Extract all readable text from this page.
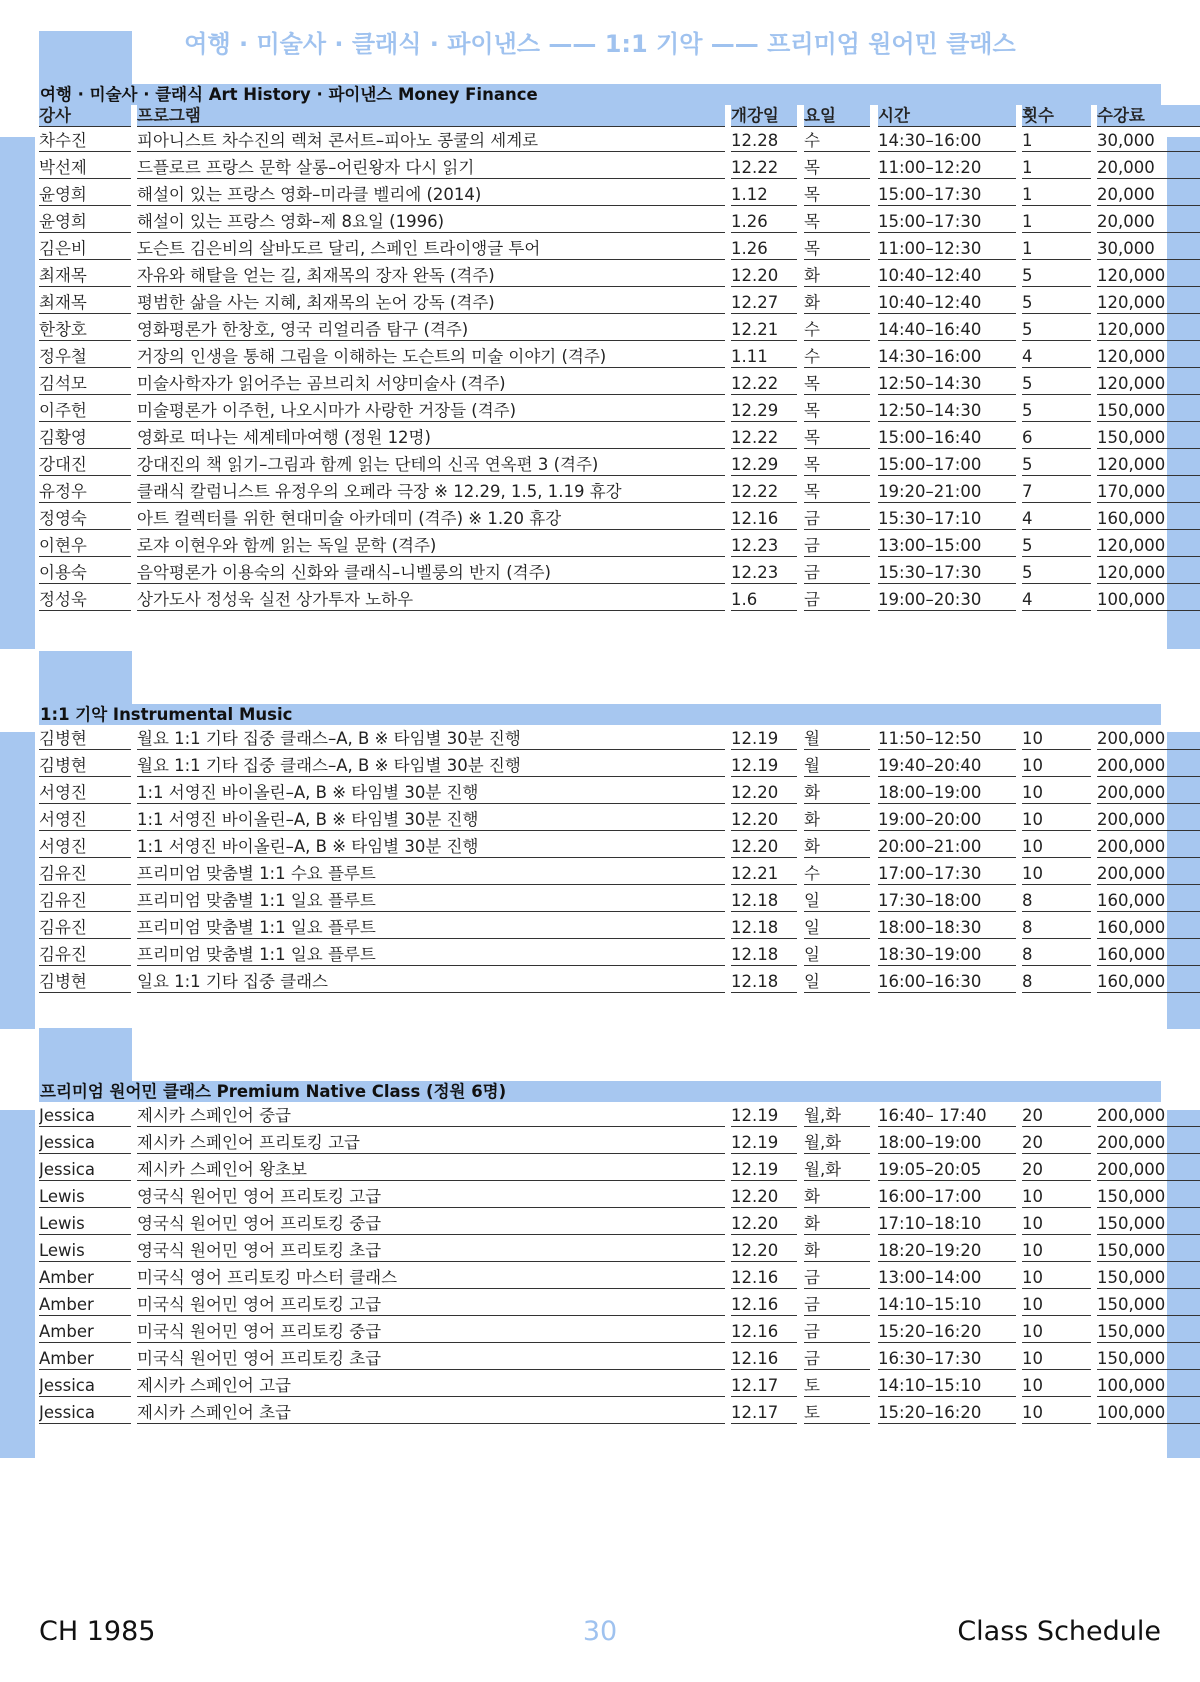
여행 · 미술사 · 클래식 · 파이낸스 —— 1:1 기악 —— 프리미엄 원어민 클래스
여행 · 미술사 · 클래식 Art History · 파이낸스 Money Finance
강사	프로그램	개강일	요일	시간	횟수	수강료
차수진	피아니스트 차수진의 렉쳐 콘서트–피아노 콩쿨의 세계로	12.28	수	14:30–16:00	1	30,000
박선제	드플로르 프랑스 문학 살롱–어린왕자 다시 읽기	12.22	목	11:00–12:20	1	20,000
윤영희	해설이 있는 프랑스 영화–미라클 벨리에 (2014)	1.12	목	15:00–17:30	1	20,000
윤영희	해설이 있는 프랑스 영화–제 8요일 (1996)	1.26	목	15:00–17:30	1	20,000
김은비	도슨트 김은비의 살바도르 달리, 스페인 트라이앵글 투어	1.26	목	11:00–12:30	1	30,000
최재목	자유와 해탈을 얻는 길, 최재목의 장자 완독 (격주)	12.20	화	10:40–12:40	5	120,000
최재목	평범한 삶을 사는 지혜, 최재목의 논어 강독 (격주)	12.27	화	10:40–12:40	5	120,000
한창호	영화평론가 한창호, 영국 리얼리즘 탐구 (격주)	12.21	수	14:40–16:40	5	120,000
정우철	거장의 인생을 통해 그림을 이해하는 도슨트의 미술 이야기 (격주)	1.11	수	14:30–16:00	4	120,000
김석모	미술사학자가 읽어주는 곰브리치 서양미술사 (격주)	12.22	목	12:50–14:30	5	120,000
이주헌	미술평론가 이주헌, 나오시마가 사랑한 거장들 (격주)	12.29	목	12:50–14:30	5	150,000
김황영	영화로 떠나는 세계테마여행 (정원 12명)	12.22	목	15:00–16:40	6	150,000
강대진	강대진의 책 읽기–그림과 함께 읽는 단테의 신곡 연옥편 3 (격주)	12.29	목	15:00–17:00	5	120,000
유정우	클래식 칼럼니스트 유정우의 오페라 극장 ※ 12.29, 1.5, 1.19 휴강	12.22	목	19:20–21:00	7	170,000
정영숙	아트 컬렉터를 위한 현대미술 아카데미 (격주) ※ 1.20 휴강	12.16	금	15:30–17:10	4	160,000
이현우	로쟈 이현우와 함께 읽는 독일 문학 (격주)	12.23	금	13:00–15:00	5	120,000
이용숙	음악평론가 이용숙의 신화와 클래식–니벨룽의 반지 (격주)	12.23	금	15:30–17:30	5	120,000
정성욱	상가도사 정성욱 실전 상가투자 노하우	1.6	금	19:00–20:30	4	100,000
1:1 기악 Instrumental Music
김병현	월요 1:1 기타 집중 클래스–A, B ※ 타임별 30분 진행	12.19	월	11:50–12:50	10	200,000
김병현	월요 1:1 기타 집중 클래스–A, B ※ 타임별 30분 진행	12.19	월	19:40–20:40	10	200,000
서영진	1:1 서영진 바이올린–A, B ※ 타임별 30분 진행	12.20	화	18:00–19:00	10	200,000
서영진	1:1 서영진 바이올린–A, B ※ 타임별 30분 진행	12.20	화	19:00–20:00	10	200,000
서영진	1:1 서영진 바이올린–A, B ※ 타임별 30분 진행	12.20	화	20:00–21:00	10	200,000
김유진	프리미엄 맞춤별 1:1 수요 플루트	12.21	수	17:00–17:30	10	200,000
김유진	프리미엄 맞춤별 1:1 일요 플루트	12.18	일	17:30–18:00	8	160,000
김유진	프리미엄 맞춤별 1:1 일요 플루트	12.18	일	18:00–18:30	8	160,000
김유진	프리미엄 맞춤별 1:1 일요 플루트	12.18	일	18:30–19:00	8	160,000
김병현	일요 1:1 기타 집중 클래스	12.18	일	16:00–16:30	8	160,000
프리미엄 원어민 클래스 Premium Native Class (정원 6명)
Jessica	제시카 스페인어 중급	12.19	월,화	16:40– 17:40	20	200,000
Jessica	제시카 스페인어 프리토킹 고급	12.19	월,화	18:00–19:00	20	200,000
Jessica	제시카 스페인어 왕초보	12.19	월,화	19:05–20:05	20	200,000
Lewis	영국식 원어민 영어 프리토킹 고급	12.20	화	16:00–17:00	10	150,000
Lewis	영국식 원어민 영어 프리토킹 중급	12.20	화	17:10–18:10	10	150,000
Lewis	영국식 원어민 영어 프리토킹 초급	12.20	화	18:20–19:20	10	150,000
Amber	미국식 영어 프리토킹 마스터 클래스	12.16	금	13:00–14:00	10	150,000
Amber	미국식 원어민 영어 프리토킹 고급	12.16	금	14:10–15:10	10	150,000
Amber	미국식 원어민 영어 프리토킹 중급	12.16	금	15:20–16:20	10	150,000
Amber	미국식 원어민 영어 프리토킹 초급	12.16	금	16:30–17:30	10	150,000
Jessica	제시카 스페인어 고급	12.17	토	14:10–15:10	10	100,000
Jessica	제시카 스페인어 초급	12.17	토	15:20–16:20	10	100,000
30
CH 1985	Class Schedule
